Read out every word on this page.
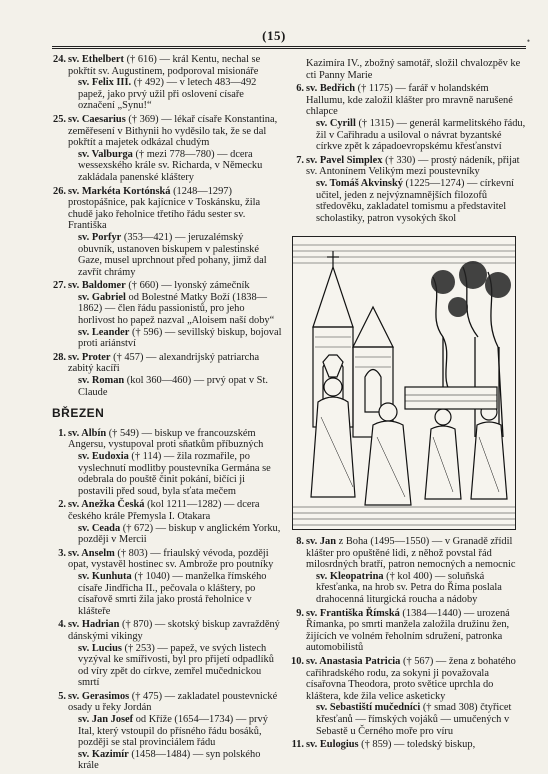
(15)	•
24. sv. Ethelbert († 616) — král Kentu, nechal se pokřtít sv. Augustinem, podporoval misionáře

sv. Felix III. († 492) — v letech 483—492 papež, jako prvý užil při oslovení císaře označení „Synu!“

25. sv. Caesarius († 369) — lékař císaře Konstantina, zeměřesení v Bithynii ho vyděsilo tak, že se dal pokřtít a majetek odkázal chudým

sv. Valburga († mezi 778—780) — dcera wessexského krále sv. Richarda, v Německu zakládala panenské kláštery

26. sv. Markéta Kortónská (1248—1297) prostopášnice, pak kajícnice v Toskánsku, žila chudě jako řeholnice třetího řádu sester sv. Františka

sv. Porfyr (353—421) — jeruzalémský obuvník, ustanoven biskupem v palestinské Gaze, musel uprchnout před pohany, jimž dal zavřít chrámy

27. sv. Baldomer († 660) — lyonský zámečník

sv. Gabriel od Bolestné Matky Boží (1838—1862) — člen řádu passionistů, pro jeho horlivost ho papež nazval „Aloisem naší doby“

sv. Leander († 596) — sevillský biskup, bojoval proti ariánství

28. sv. Proter († 457) — alexandrijský patriarcha zabitý kacíři

sv. Roman (kol 360—460) — prvý opat v St. Claude

BŘEZEN
1. sv. Albín († 549) — biskup ve francouzském Angersu, vystupoval proti sňatkům příbuzných

sv. Eudoxia († 114) — žila rozmařile, po vyslechnutí modlitby poustevníka Germána se odebrala do pouště činit pokání, bičíci ji postavili před soud, byla sťata mečem

2. sv. Anežka Česká (kol 1211—1282) — dcera českého krále Přemysla I. Otakara

sv. Ceada († 672) — biskup v anglickém Yorku, později v Mercii

3. sv. Anselm († 803) — friaulský vévoda, později opat, vystavěl hostinec sv. Ambrože pro poutníky

sv. Kunhuta († 1040) — manželka římského císaře Jindřicha II., pečovala o kláštery, po císařově smrti žila jako prostá řeholnice v klášteře

4. sv. Hadrian († 870) — skotský biskup zavražděný dánskými vikingy

sv. Lucius († 253) — papež, ve svých listech vyzýval ke smířivosti, byl pro přijetí odpadlíků od víry zpět do církve, zemřel mučednickou smrtí

5. sv. Gerasimos († 475) — zakladatel poustevnické osady u řeky Jordán

sv. Jan Josef od Kříže (1654—1734) — prvý Ital, který vstoupil do přísného řádu bosáků, později se stal provinciálem řádu

sv. Kazimír (1458—1484) — syn polského krále

Kazimíra IV., zbožný samotář, složil chvalozpěv ke cti Panny Marie

6. sv. Bedřich († 1175) — farář v holandském Hallumu, kde založil klášter pro mravně narušené chlapce

sv. Cyrill († 1315) — generál karmelitského řádu, žil v Cařihradu a usiloval o návrat byzantské církve zpět k západoevropskému křesťanství

7. sv. Pavel Simplex († 330) — prostý nádeník, přijat sv. Antonínem Velikým mezi poustevníky

sv. Tomáš Akvinský (1225—1274) — církevní učitel, jeden z nejvýznamnějších filozofů středověku, zakladatel tomismu a představitel scholastiky, patron vysokých škol

8. sv. Jan z Boha (1495—1550) — v Granadě zřídil klášter pro opuštěné lidi, z něhož povstal řád milosrdných bratří, patron nemocných a nemocnic

sv. Kleopatrina († kol 400) — soluňská křesťanka, na hrob sv. Petra do Říma poslala drahocenná liturgická roucha a nádoby

9. sv. Františka Římská (1384—1440) — urozená Římanka, po smrti manžela založila družinu žen, žijících ve volném řeholním sdružení, patronka automobilistů

10. sv. Anastasia Patricia († 567) — žena z bohatého cařihradského rodu, za sokyni ji považovala císařovna Theodora, proto světice uprchla do kláštera, kde žila velice asketicky

sv. Sebastiští mučedníci († smad 308) čtyřicet křesťanů — římských vojáků — umučených v Sebastě u Černého moře pro víru

11. sv. Eulogius († 859) — toledský biskup,
